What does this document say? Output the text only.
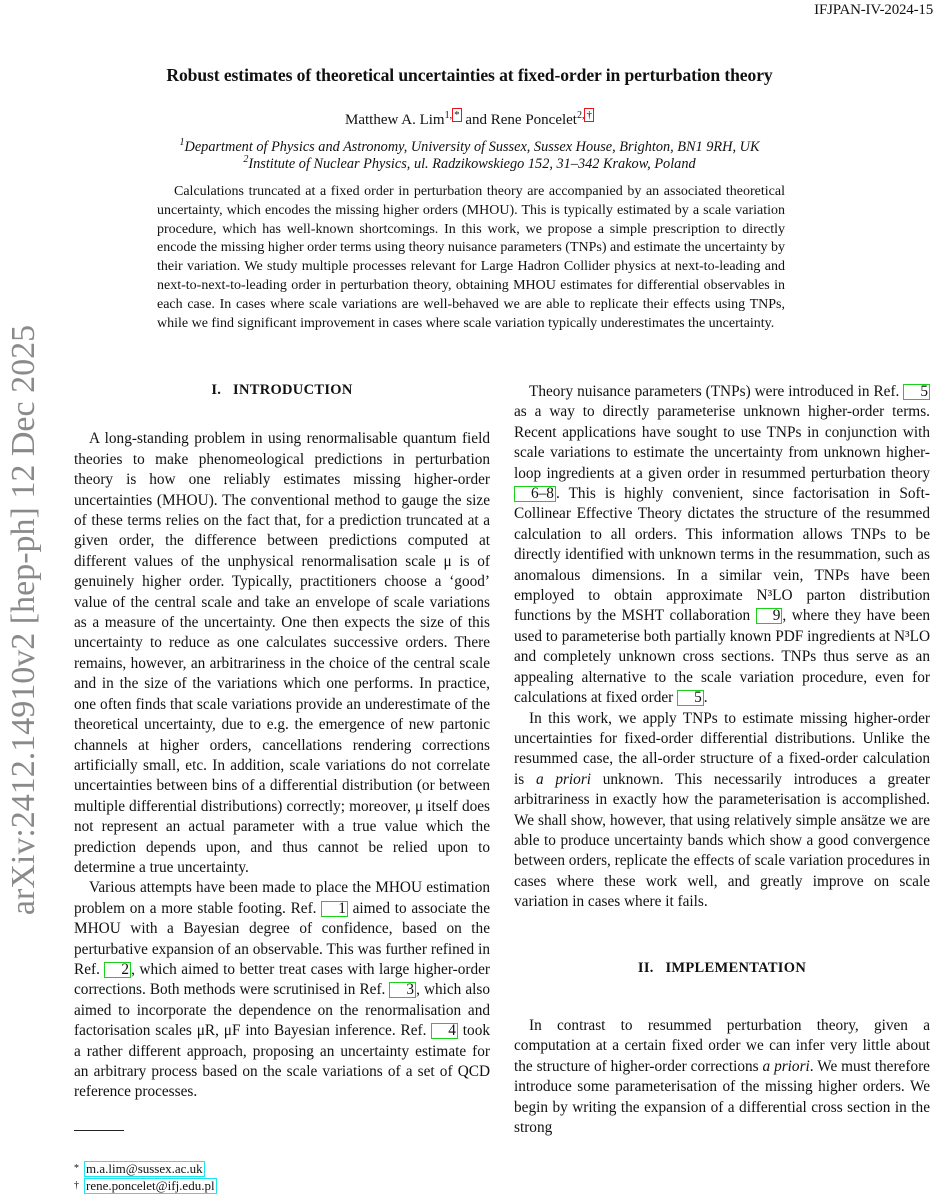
IFJPAN-IV-2024-15
arXiv:2412.14910v2 [hep-ph] 12 Dec 2025
Robust estimates of theoretical uncertainties at fixed-order in perturbation theory
Matthew A. Lim$^{1,}$ * and Rene Poncelet$^{2,}$ †
$^1$Department of Physics and Astronomy, University of Sussex, Sussex House, Brighton, BN1 9RH, UK
$^2$Institute of Nuclear Physics, ul. Radzikowskiego 152, 31–342 Krakow, Poland
Calculations truncated at a fixed order in perturbation theory are accompanied by an associated theoretical uncertainty, which encodes the missing higher orders (MHOU). This is typically estimated by a scale variation procedure, which has well-known shortcomings. In this work, we propose a simple prescription to directly encode the missing higher order terms using theory nuisance parameters (TNPs) and estimate the uncertainty by their variation. We study multiple processes relevant for Large Hadron Collider physics at next-to-leading and next-to-next-to-leading order in perturbation theory, obtaining MHOU estimates for differential observables in each case. In cases where scale variations are well-behaved we are able to replicate their effects using TNPs, while we find significant improvement in cases where scale variation typically underestimates the uncertainty.
I.   INTRODUCTION

A long-standing problem in using renormalisable quantum field theories to make phenomeological predictions in perturbation theory is how one reliably estimates missing higher-order uncertainties (MHOU). The conventional method to gauge the size of these terms relies on the fact that, for a prediction truncated at a given order, the difference between predictions computed at different values of the unphysical renormalisation scale μ is of genuinely higher order. Typically, practitioners choose a ‘good’ value of the central scale and take an envelope of scale variations as a measure of the uncertainty. One then expects the size of this uncertainty to reduce as one calculates successive orders. There remains, however, an arbitrariness in the choice of the central scale and in the size of the variations which one performs. In practice, one often finds that scale variations provide an underestimate of the theoretical uncertainty, due to e.g. the emergence of new partonic channels at higher orders, cancellations rendering corrections artificially small, etc. In addition, scale variations do not correlate uncertainties between bins of a differential distribution (or between multiple differential distributions) correctly; moreover, μ itself does not represent an actual parameter with a true value which the prediction depends upon, and thus cannot be relied upon to determine a true uncertainty.

Various attempts have been made to place the MHOU estimation problem on a more stable footing. Ref. 1 aimed to associate the MHOU with a Bayesian degree of confidence, based on the perturbative expansion of an observable. This was further refined in Ref. 2 , which aimed to better treat cases with large higher-order corrections. Both methods were scrutinised in Ref. 3 , which also aimed to incorporate the dependence on the renormalisation and factorisation scales μR, μF into Bayesian inference. Ref. 4 took a rather different approach, proposing an uncertainty estimate for an arbitrary process based on the scale variations of a set of QCD reference processes.

Theory nuisance parameters (TNPs) were introduced in Ref. 5 as a way to directly parameterise unknown higher-order terms. Recent applications have sought to use TNPs in conjunction with scale variations to estimate the uncertainty from unknown higher-loop ingredients at a given order in resummed perturbation theory 6–8 . This is highly convenient, since factorisation in Soft-Collinear Effective Theory dictates the structure of the resummed calculation to all orders. This information allows TNPs to be directly identified with unknown terms in the resummation, such as anomalous dimensions. In a similar vein, TNPs have been employed to obtain approximate N³LO parton distribution functions by the MSHT collaboration 9 , where they have been used to parameterise both partially known PDF ingredients at N³LO and completely unknown cross sections. TNPs thus serve as an appealing alternative to the scale variation procedure, even for calculations at fixed order 5 .

In this work, we apply TNPs to estimate missing higher-order uncertainties for fixed-order differential distributions. Unlike the resummed case, the all-order structure of a fixed-order calculation is a priori unknown. This necessarily introduces a greater arbitrariness in exactly how the parameterisation is accomplished. We shall show, however, that using relatively simple ansätze we are able to produce uncertainty bands which show a good convergence between orders, replicate the effects of scale variation procedures in cases where these work well, and greatly improve on scale variation in cases where it fails.

II.   IMPLEMENTATION

In contrast to resummed perturbation theory, given a computation at a certain fixed order we can infer very little about the structure of higher-order corrections a priori. We must therefore introduce some parameterisation of the missing higher orders. We begin by writing the expansion of a differential cross section in the strong

* m.a.lim@sussex.ac.uk
† rene.poncelet@ifj.edu.pl
